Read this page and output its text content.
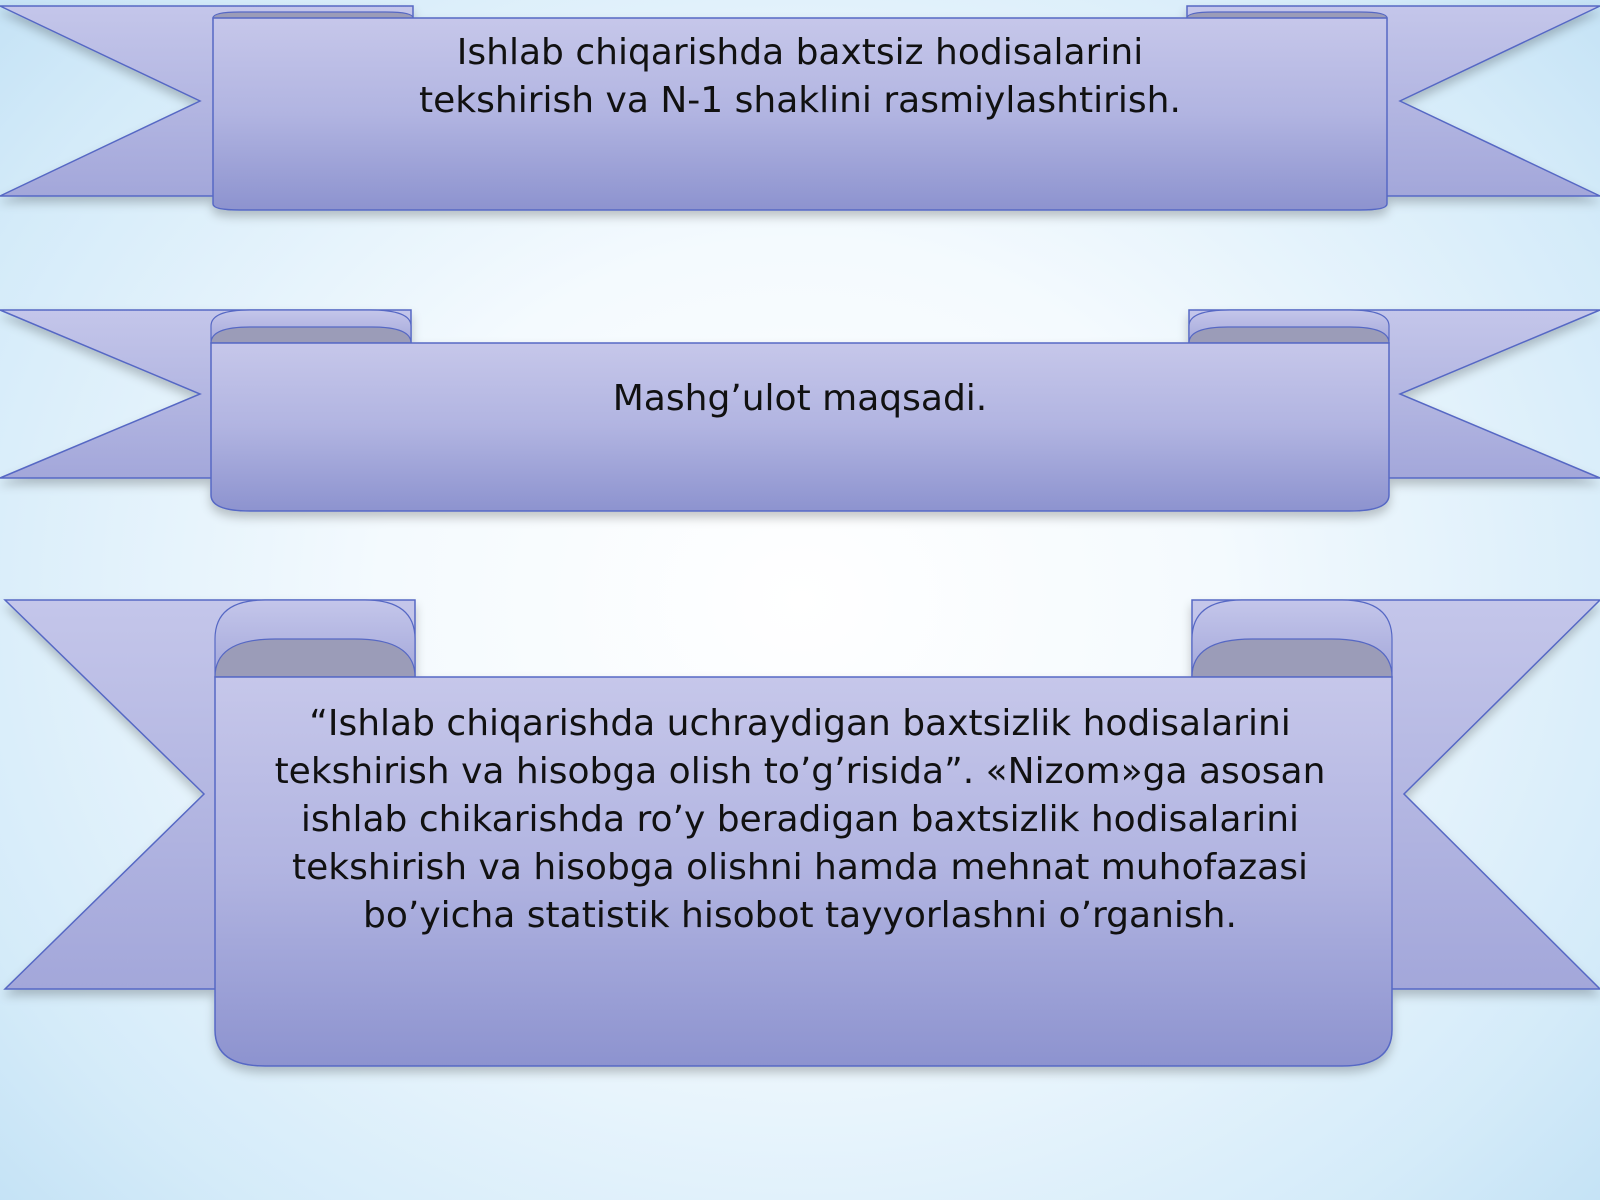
Ishlab chiqarishda baxtsiz hodisalarini
tekshirish va N-1 shaklini rasmiylashtirish.

Mashg’ulot maqsadi.

“Ishlab chiqarishda uchraydigan baxtsizlik hodisalarini
tekshirish va hisobga olish to’g’risida”. «Nizom»ga asosan
ishlab chikarishda ro’y beradigan baxtsizlik hodisalarini
tekshirish va hisobga olishni hamda mehnat muhofazasi
bo’yicha statistik hisobot tayyorlashni o’rganish.
